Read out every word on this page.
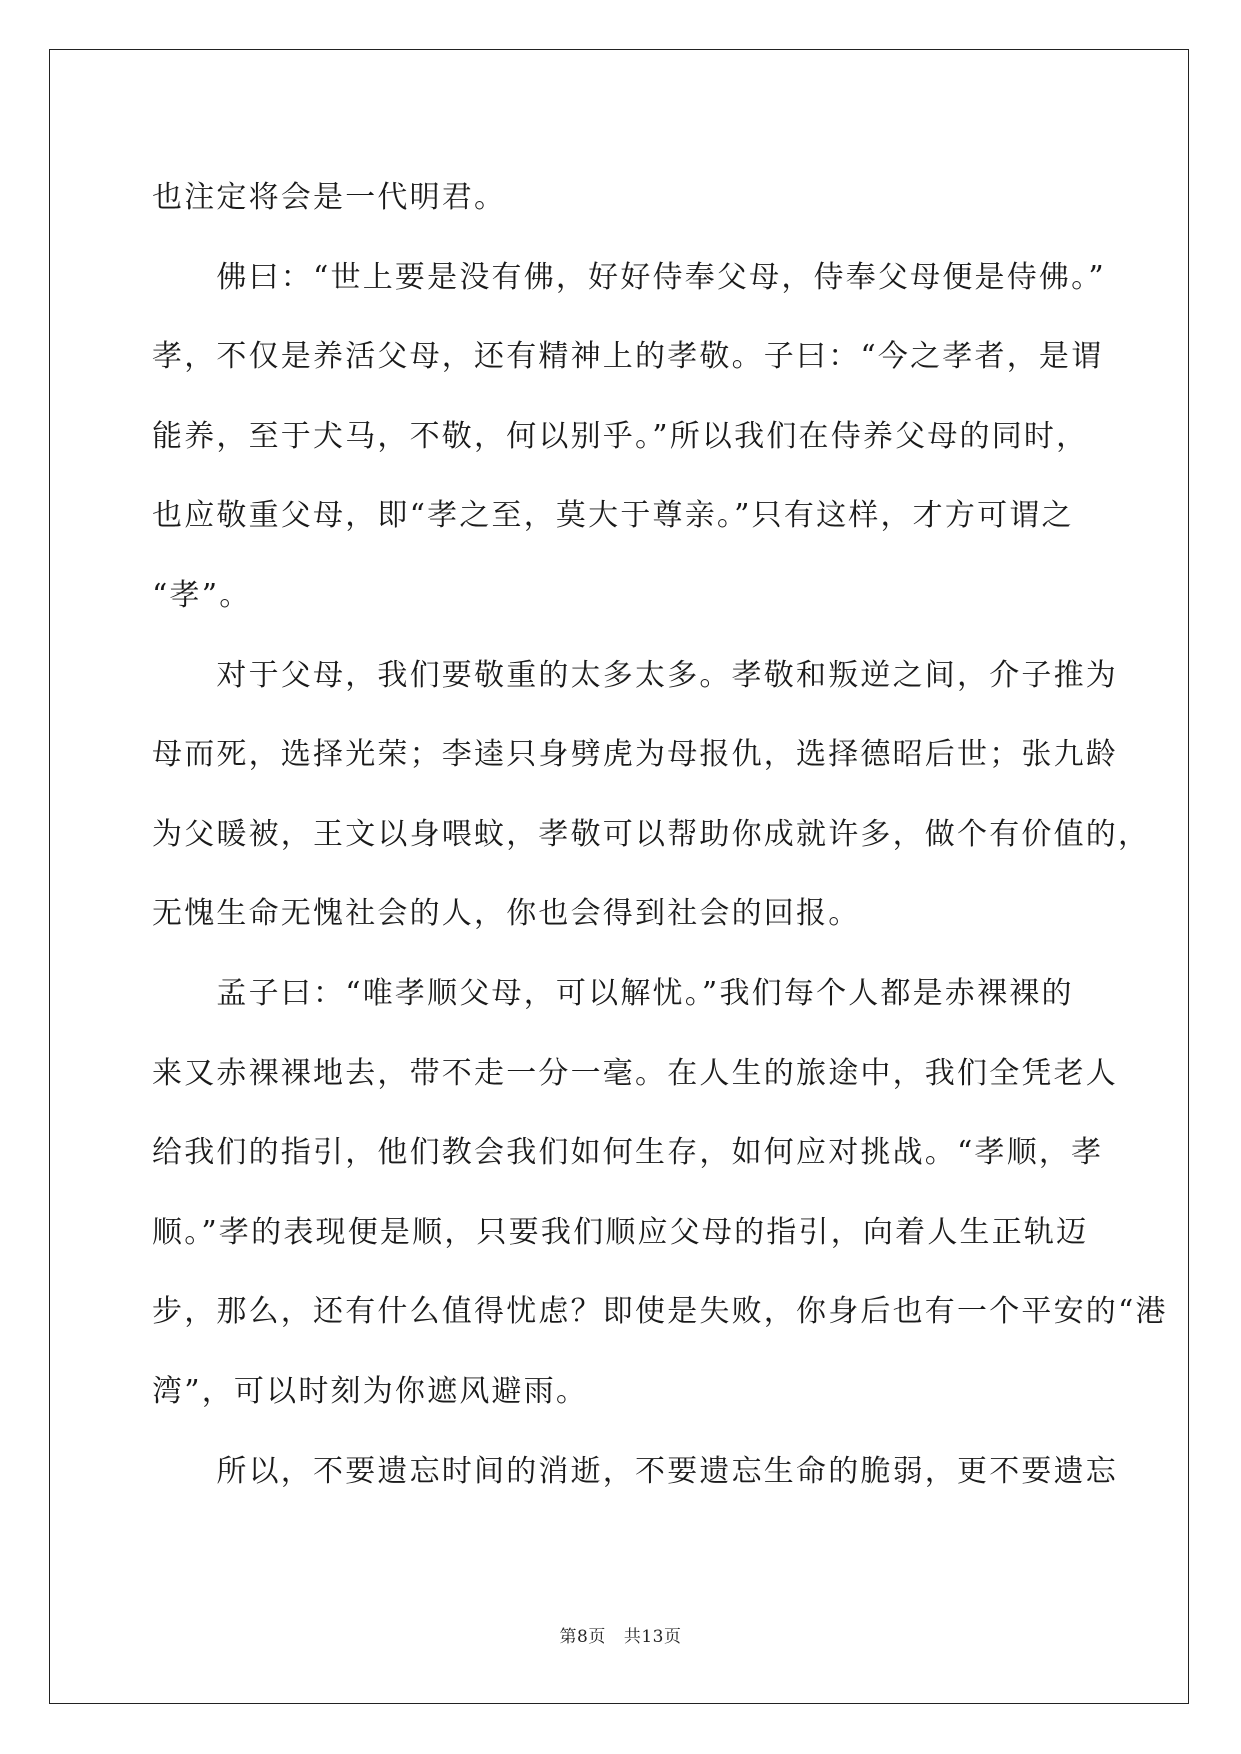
也注定将会是一代明君。
　　佛曰：“世上要是没有佛，好好侍奉父母，侍奉父母便是侍佛。”
孝，不仅是养活父母，还有精神上的孝敬。子曰：“今之孝者，是谓
能养，至于犬马，不敬，何以别乎。”所以我们在侍养父母的同时，
也应敬重父母，即“孝之至，莫大于尊亲。”只有这样，才方可谓之
“孝”。
　　对于父母，我们要敬重的太多太多。孝敬和叛逆之间，介子推为
母而死，选择光荣；李逵只身劈虎为母报仇，选择德昭后世；张九龄
为父暖被，王文以身喂蚊，孝敬可以帮助你成就许多，做个有价值的，
无愧生命无愧社会的人，你也会得到社会的回报。
　　孟子曰：“唯孝顺父母，可以解忧。”我们每个人都是赤裸裸的
来又赤裸裸地去，带不走一分一毫。在人生的旅途中，我们全凭老人
给我们的指引，他们教会我们如何生存，如何应对挑战。“孝顺，孝
顺。”孝的表现便是顺，只要我们顺应父母的指引，向着人生正轨迈
步，那么，还有什么值得忧虑？即使是失败，你身后也有一个平安的“港
湾”，可以时刻为你遮风避雨。
　　所以，不要遗忘时间的消逝，不要遗忘生命的脆弱，更不要遗忘
第8页 共13页
